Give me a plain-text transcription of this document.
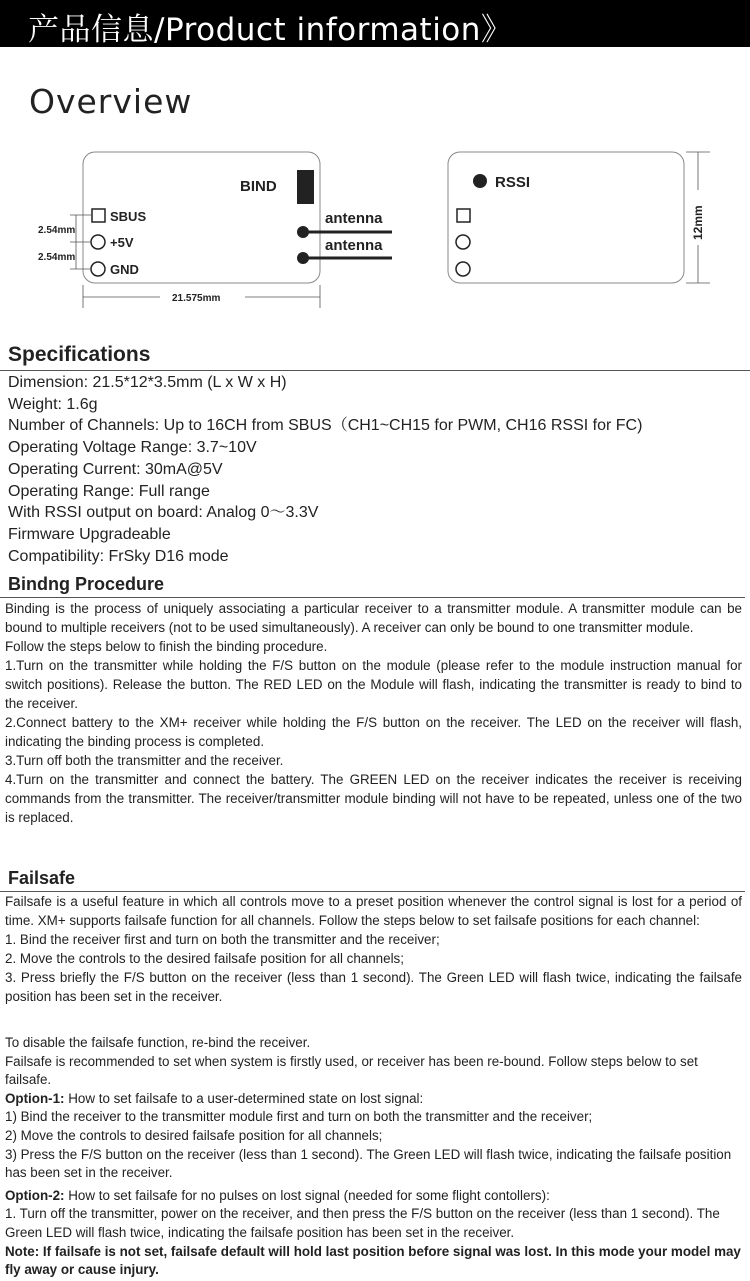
产品信息/Product information》
Overview
BIND
SBUS
+5V
GND
2.54mm
2.54mm
antenna
antenna
21.575mm
RSSI
12mm
Specifications
Dimension: 21.5*12*3.5mm (L x W x H)
Weight: 1.6g
Number of Channels: Up to 16CH from SBUS（CH1~CH15 for PWM, CH16 RSSI for FC)
Operating Voltage Range: 3.7~10V
Operating Current: 30mA@5V
Operating Range: Full range
With RSSI output on board: Analog 0～3.3V
Firmware Upgradeable
Compatibility: FrSky D16 mode
Bindng Procedure

Binding is the process of uniquely associating a particular receiver to a transmitter module. A transmitter module can be bound to multiple receivers (not to be used simultaneously). A receiver can only be bound to one transmitter module.

Follow the steps below to finish the binding procedure.

1.Turn on the transmitter while holding the F/S button on the module (please refer to the module instruction manual for switch positions). Release the button. The RED LED on the Module will flash, indicating the transmitter is ready to bind to the receiver.

2.Connect battery to the XM+ receiver while holding the F/S button on the receiver. The LED on the receiver will flash, indicating the binding process is completed.

3.Turn off both the transmitter and the receiver.

4.Turn on the transmitter and connect the battery. The GREEN LED on the receiver indicates the receiver is receiving commands from the transmitter. The receiver/transmitter module binding will not have to be repeated, unless one of the two is replaced.

Failsafe

Failsafe is a useful feature in which all controls move to a preset position whenever the control signal is lost for a period of time. XM+ supports failsafe function for all channels. Follow the steps below to set failsafe positions for each channel:

1. Bind the receiver first and turn on both the transmitter and the receiver;

2. Move the controls to the desired failsafe position for all channels;

3. Press briefly the F/S button on the receiver (less than 1 second). The Green LED will flash twice, indicating the failsafe position has been set in the receiver.

To disable the failsafe function, re-bind the receiver.

Failsafe is recommended to set when system is firstly used, or receiver has been re-bound. Follow steps below to set failsafe.

Option-1: How to set failsafe to a user-determined state on lost signal:

1) Bind the receiver to the transmitter module first and turn on both the transmitter and the receiver;

2) Move the controls to desired failsafe position for all channels;

3) Press the F/S button on the receiver (less than 1 second). The Green LED will flash twice, indicating the failsafe position has been set in the receiver.

Option-2: How to set failsafe for no pulses on lost signal (needed for some flight contollers):

1. Turn off the transmitter, power on the receiver, and then press the F/S button on the receiver (less than 1 second). The Green LED will flash twice, indicating the failsafe position has been set in the receiver.

Note: If failsafe is not set, failsafe default will hold last position before signal was lost. In this mode your model may fly away or cause injury.
